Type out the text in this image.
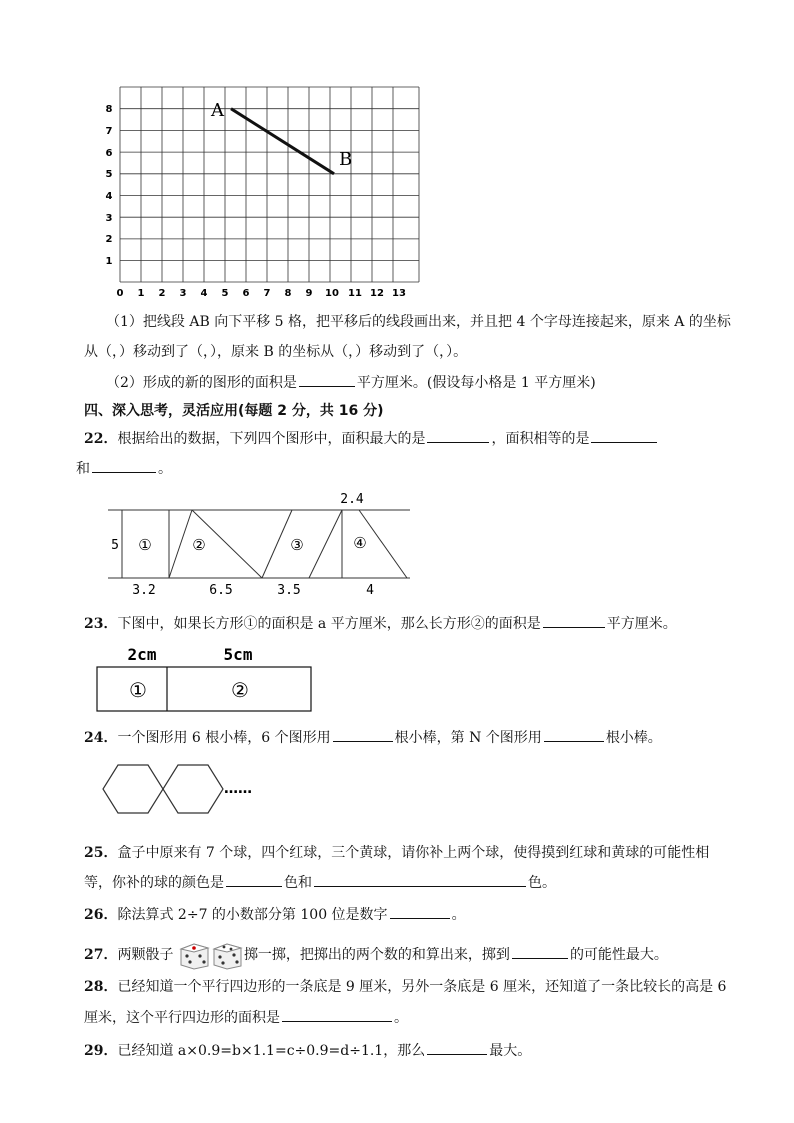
8
7
6
5
4
3
2
1
0 1 2 3 4 5 6 7 8 9 10 11 12 13
A
B
（1）把线段 AB 向下平移 5 格，把平移后的线段画出来，并且把 4 个字母连接起来，原来 A 的坐标
从（，）移动到了（，），原来 B 的坐标从（，）移动到了（，）。
（2）形成的新的图形的面积是	平方厘米。(假设每小格是 1 平方厘米)
四、深入思考，灵活应用(每题 2 分，共 16 分)
22．根据给出的数据，下列四个图形中，面积最大的是	，面积相等的是
和	。
5
2.4
①	②	③	④
3.2	6.5	3.5	4
23．下图中，如果长方形①的面积是 a 平方厘米，那么长方形②的面积是	平方厘米。
2cm	5cm
①	②
24．一个图形用 6 根小棒，6 个图形用	根小棒，第 N 个图形用	根小棒。
……
25．盒子中原来有 7 个球，四个红球，三个黄球，请你补上两个球，使得摸到红球和黄球的可能性相
等，你补的球的颜色是	色和	色。
26．除法算式 2÷7 的小数部分第 100 位是数字	。
27．两颗骰子	掷一掷，把掷出的两个数的和算出来，掷到	的可能性最大。
28．已经知道一个平行四边形的一条底是 9 厘米，另外一条底是 6 厘米，还知道了一条比较长的高是 6
厘米，这个平行四边形的面积是	。
29．已经知道 a×0.9=b×1.1=c÷0.9=d÷1.1，那么	最大。
